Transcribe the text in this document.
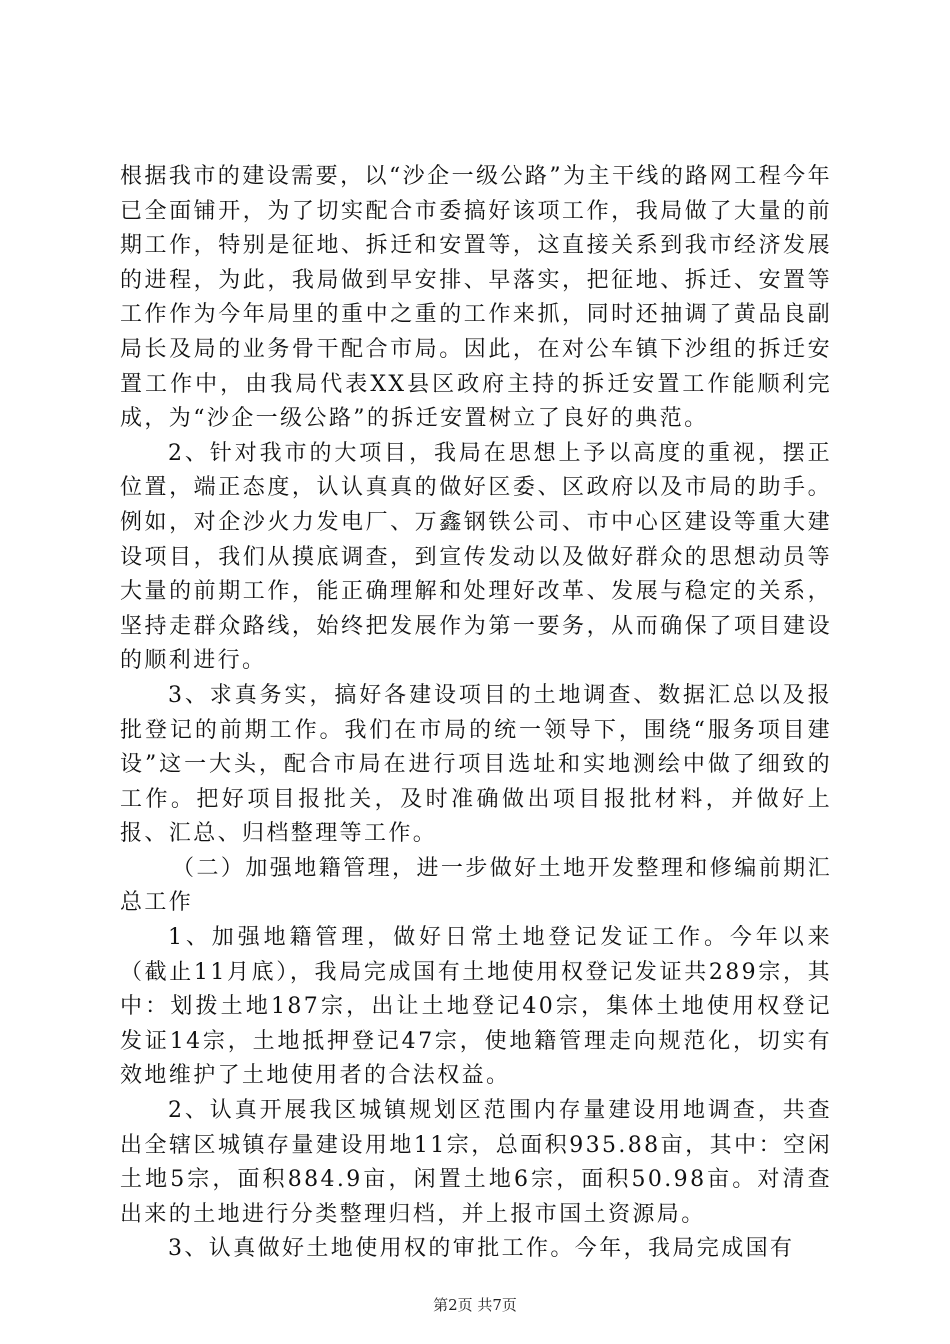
根据我市的建设需要，以“沙企一级公路”为主干线的路网工程今年已全面铺开，为了切实配合市委搞好该项工作，我局做了大量的前期工作，特别是征地、拆迁和安置等，这直接关系到我市经济发展的进程，为此，我局做到早安排、早落实，把征地、拆迁、安置等工作作为今年局里的重中之重的工作来抓，同时还抽调了黄品良副局长及局的业务骨干配合市局。因此，在对公车镇下沙组的拆迁安置工作中，由我局代表XX县区政府主持的拆迁安置工作能顺利完成，为“沙企一级公路”的拆迁安置树立了良好的典范。

2、针对我市的大项目，我局在思想上予以高度的重视，摆正位置，端正态度，认认真真的做好区委、区政府以及市局的助手。例如，对企沙火力发电厂、万鑫钢铁公司、市中心区建设等重大建设项目，我们从摸底调查，到宣传发动以及做好群众的思想动员等大量的前期工作，能正确理解和处理好改革、发展与稳定的关系，坚持走群众路线，始终把发展作为第一要务，从而确保了项目建设的顺利进行。

3、求真务实，搞好各建设项目的土地调查、数据汇总以及报批登记的前期工作。我们在市局的统一领导下，围绕“服务项目建设”这一大头，配合市局在进行项目选址和实地测绘中做了细致的工作。把好项目报批关，及时准确做出项目报批材料，并做好上报、汇总、归档整理等工作。

（二）加强地籍管理，进一步做好土地开发整理和修编前期汇总工作

1、加强地籍管理，做好日常土地登记发证工作。今年以来（截止11月底），我局完成国有土地使用权登记发证共289宗，其中：划拨土地187宗，出让土地登记40宗，集体土地使用权登记发证14宗，土地抵押登记47宗，使地籍管理走向规范化，切实有效地维护了土地使用者的合法权益。

2、认真开展我区城镇规划区范围内存量建设用地调查，共查出全辖区城镇存量建设用地11宗，总面积935.88亩，其中：空闲土地5宗，面积884.9亩，闲置土地6宗，面积50.98亩。对清查出来的土地进行分类整理归档，并上报市国土资源局。

3、认真做好土地使用权的审批工作。今年，我局完成国有

第2页 共7页
